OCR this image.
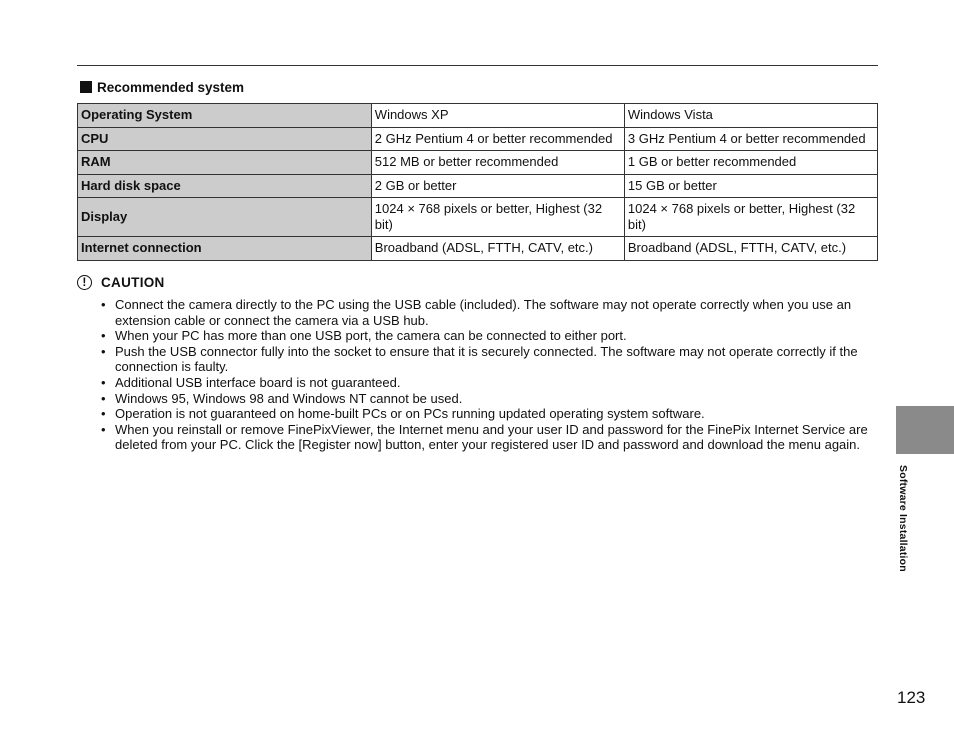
Recommended system
Operating System	Windows XP	Windows Vista
CPU	2 GHz Pentium 4 or better recommended	3 GHz Pentium 4 or better recommended
RAM	512 MB or better recommended	1 GB or better recommended
Hard disk space	2 GB or better	15 GB or better
Display	1024 × 768 pixels or better, Highest (32 bit)	1024 × 768 pixels or better, Highest (32 bit)
Internet connection	Broadband (ADSL, FTTH, CATV, etc.)	Broadband (ADSL, FTTH, CATV, etc.)
!	CAUTION
• Connect the camera directly to the PC using the USB cable (included). The software may not operate correctly when you use an extension cable or connect the camera via a USB hub.
• When your PC has more than one USB port, the camera can be connected to either port.
• Push the USB connector fully into the socket to ensure that it is securely connected. The software may not operate correctly if the connection is faulty.
• Additional USB interface board is not guaranteed.
• Windows 95, Windows 98 and Windows NT cannot be used.
• Operation is not guaranteed on home-built PCs or on PCs running updated operating system software.
• When you reinstall or remove FinePixViewer, the Internet menu and your user ID and password for the FinePix Internet Service are deleted from your PC. Click the [Register now] button, enter your registered user ID and password and download the menu again.
Software Installation
123
